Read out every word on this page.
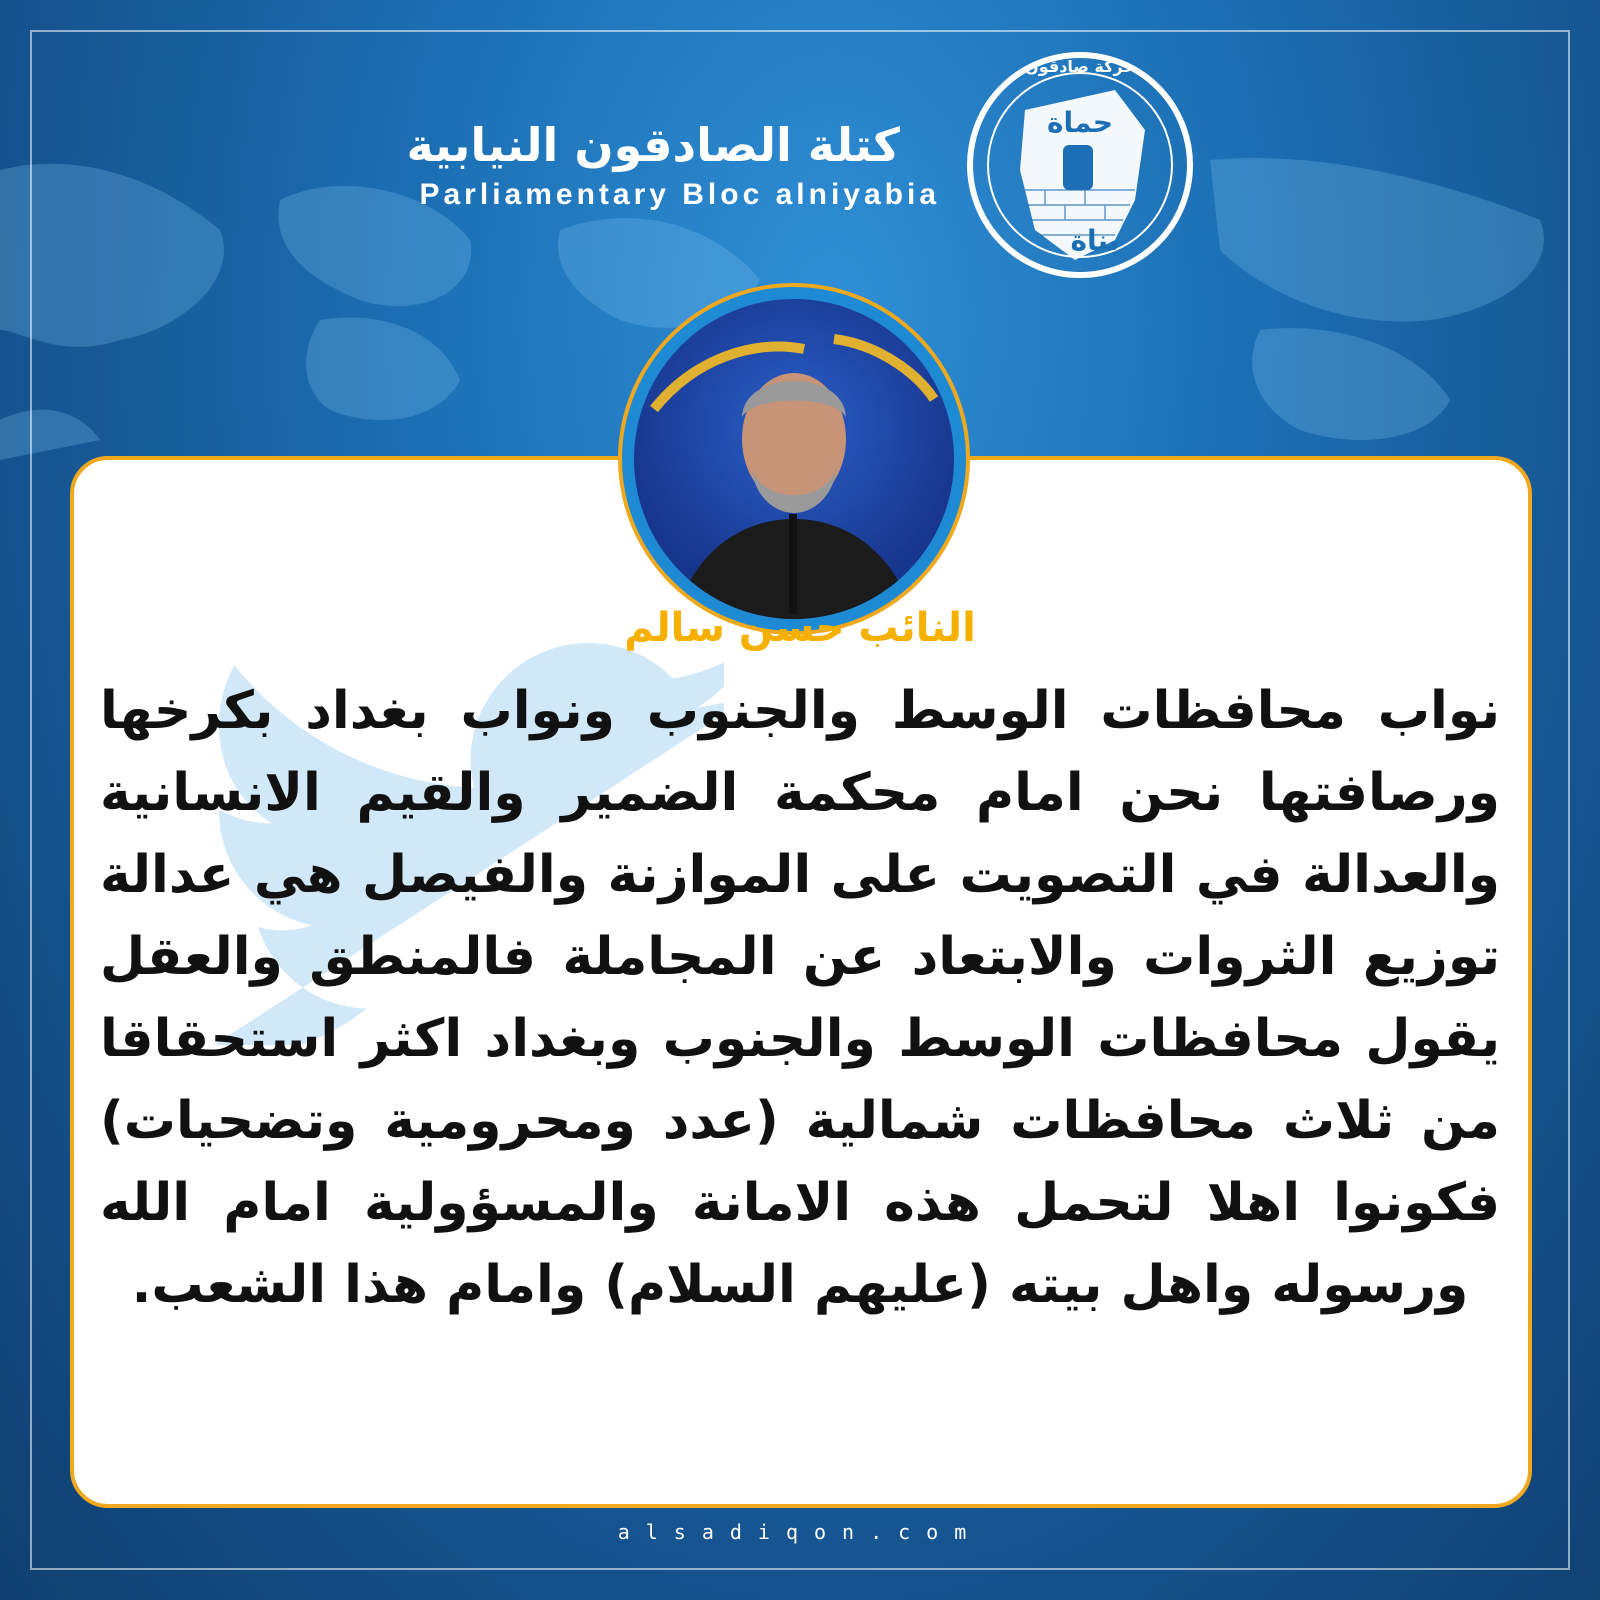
كتلة الصادقون النيابية
Parliamentary Bloc alniyabia
حماة
بناة
حركة صادقون
النائب حسن سالم
نواب محافظات الوسط والجنوب ونواب بغداد بكرخها ورصافتها نحن امام محكمة الضمير والقيم الانسانية والعدالة في التصويت على الموازنة والفيصل هي عدالة توزيع الثروات والابتعاد عن المجاملة فالمنطق والعقل يقول محافظات الوسط والجنوب وبغداد اكثر استحقاقا من ثلاث محافظات شمالية (عدد ومحرومية وتضحيات) فكونوا اهلا لتحمل هذه الامانة والمسؤولية امام الله ورسوله واهل بيته (عليهم السلام) وامام هذا الشعب.
alsadiqon.com
